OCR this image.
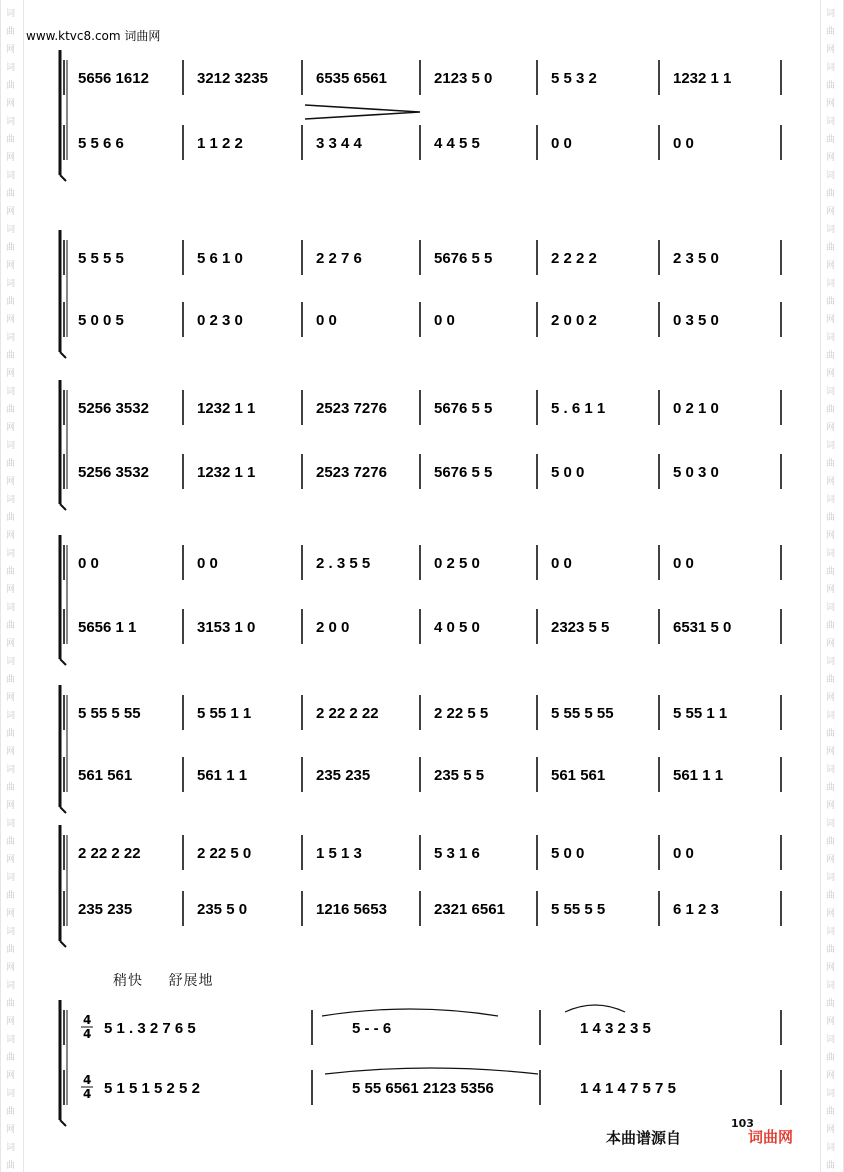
词
曲
网
词
曲
网
词
曲
网
词
曲
网
词
曲
网
词
曲
网
词
曲
网
词
曲
网
词
曲
网
词
曲
网
词
曲
网
词
曲
网
词
曲
网
词
曲
网
词
曲
网
词
曲
网
词
曲
网
词
曲
网
词
曲
网
词
曲
网
词
曲
网
词
曲
词
曲
网
词
曲
网
词
曲
网
词
曲
网
词
曲
网
词
曲
网
词
曲
网
词
曲
网
词
曲
网
词
曲
网
词
曲
网
词
曲
网
词
曲
网
词
曲
网
词
曲
网
词
曲
网
词
曲
网
词
曲
网
词
曲
网
词
曲
网
词
曲
网
词
曲
www.ktvc8.com 词曲网
5656 1612	3212 3235	6535 6561	2123 5 0	5 5 3 2	1232 1 1
5 5 6 6	1 1 2 2	3 3 4 4	4 4 5 5	0 0	0 0
5 5 5 5	5 6 1 0	2 2 7 6	5676 5 5	2 2 2 2	2 3 5 0
5 0 0 5	0 2 3 0	0 0	0 0	2 0 0 2	0 3 5 0
5256 3532	1232 1 1	2523 7276	5676 5 5	5 . 6 1 1	0 2 1 0
5256 3532	1232 1 1	2523 7276	5676 5 5	5 0 0	5 0 3 0
0 0	0 0	2 . 3 5 5	0 2 5 0	0 0	0 0
5656 1 1	3153 1 0	2 0 0	4 0 5 0	2323 5 5	6531 5 0
5 55 5 55	5 55 1 1	2 22 2 22	2 22 5 5	5 55 5 55	5 55 1 1
561 561	561 1 1	235 235	235 5 5	561 561	561 1 1
2 22 2 22	2 22 5 0	1 5 1 3	5 3 1 6	5 0 0	0 0
235 235	235 5 0	1216 5653	2321 6561	5 55 5 5	6 1 2 3
5 1 . 3 2 7 6 5	5 - - 6	1 4 3 2 3 5
5 1 5 1 5 2 5 2	5 55 6561 2123 5356	1 4 1 4 7 5 7 5
4
4
4
4
稍快 舒展地
103
本曲谱源自	词曲网
